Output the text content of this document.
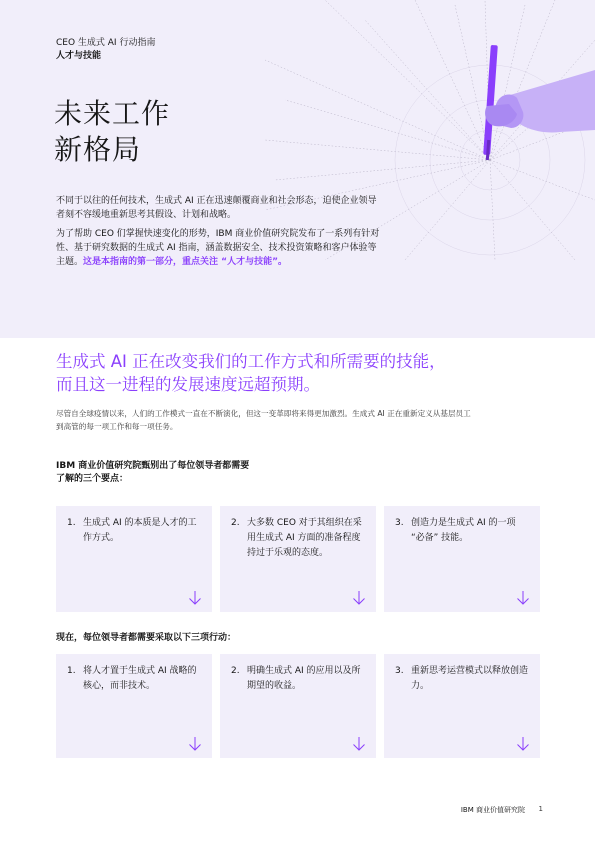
CEO 生成式 AI 行动指南
人才与技能
未来工作
新格局

不同于以往的任何技术，生成式 AI 正在迅速颠覆商业和社会形态，迫使企业领导者刻不容缓地重新思考其假设、计划和战略。

为了帮助 CEO 们掌握快速变化的形势，IBM 商业价值研究院发布了一系列有针对性、基于研究数据的生成式 AI 指南，涵盖数据安全、技术投资策略和客户体验等主题。这是本指南的第一部分，重点关注 “人才与技能”。

生成式 AI 正在改变我们的工作方式和所需要的技能，
而且这一进程的发展速度远超预期。

尽管自全球疫情以来，人们的工作模式一直在不断演化，但这一变革即将来得更加激烈。生成式 AI 正在重新定义从基层员工到高管的每一项工作和每一项任务。

IBM 商业价值研究院甄别出了每位领导者都需要
了解的三个要点：
1. 生成式 AI 的本质是人才的工作方式。
2. 大多数 CEO 对于其组织在采用生成式 AI 方面的准备程度持过于乐观的态度。
3. 创造力是生成式 AI 的一项 “必备” 技能。
现在，每位领导者都需要采取以下三项行动：
1. 将人才置于生成式 AI 战略的核心，而非技术。
2. 明确生成式 AI 的应用以及所期望的收益。
3. 重新思考运营模式以释放创造力。
IBM 商业价值研究院 1
